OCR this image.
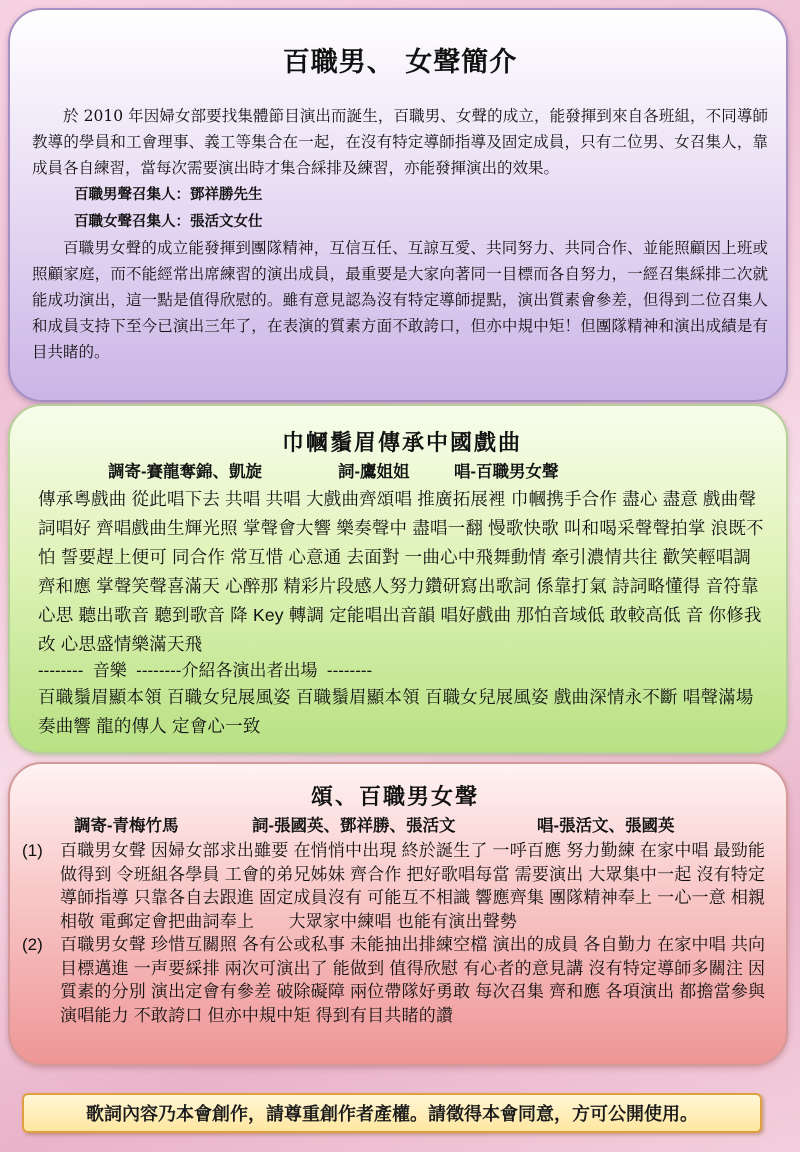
百職男、 女聲簡介

於 2010 年因婦女部要找集體節目演出而誕生，百職男、女聲的成立，能發揮到來自各班組，不同導師教導的學員和工會理事、義工等集合在一起，在沒有特定導師指導及固定成員，只有二位男、女召集人，靠成員各自練習，當每次需要演出時才集合綵排及練習，亦能發揮演出的效果。

百職男聲召集人：鄧祥勝先生

百職女聲召集人：張活文女仕

百職男女聲的成立能發揮到團隊精神，互信互任、互諒互愛、共同努力、共同合作、並能照顧因上班或照顧家庭，而不能經常出席練習的演出成員，最重要是大家向著同一目標而各自努力，一經召集綵排二次就能成功演出，這一點是值得欣慰的。雖有意見認為沒有特定導師提點，演出質素會參差，但得到二位召集人和成員支持下至今已演出三年了，在表演的質素方面不敢誇口，但亦中規中矩！但團隊精神和演出成績是有目共睹的。

巾幗鬚眉傳承中國戲曲

調寄-賽龍奪錦、凱旋	詞-鷹姐姐	唱-百職男女聲

傳承粵戲曲 從此唱下去 共唱 共唱 大戲曲齊頌唱 推廣拓展裡 巾幗携手合作 盡心 盡意 戲曲聲詞唱好 齊唱戲曲生輝光照 掌聲會大響 樂奏聲中 盡唱一翻 慢歌快歌 叫和喝采聲聲拍掌 浪既不怕 誓要趕上便可 同合作 常互惜 心意通 去面對 一曲心中飛舞動情 牽引濃情共往 歡笑輕唱調齊和應 掌聲笑聲喜滿天 心醉那 精彩片段感人努力鑽研寫出歌詞 係靠打氣 詩詞略懂得 音符靠心思 聽出歌音 聽到歌音 降 Key 轉調 定能唱出音韻 唱好戲曲 那怕音域低 敢較高低 音 你修我改 心思盛情樂滿天飛

--------  音樂  --------介紹各演出者出場  --------

百職鬚眉顯本領 百職女兒展風姿 百職鬚眉顯本領 百職女兒展風姿 戲曲深情永不斷 唱聲滿場奏曲響 龍的傳人 定會心一致

頌、百職男女聲

調寄-青梅竹馬	詞-張國英、鄧祥勝、張活文	唱-張活文、張國英

(1)	百職男女聲 因婦女部求出雖要 在悄悄中出現 終於誕生了 一呼百應 努力勤練 在家中唱 最勁能做得到 令班組各學員 工會的弟兄姊妹 齊合作 把好歌唱每當 需要演出 大眾集中一起 沒有特定導師指導 只靠各自去跟進 固定成員沒有 可能互不相識 響應齊集 團隊精神奉上 一心一意 相親相敬 電郵定會把曲詞奉上　　大眾家中練唱 也能有演出聲勢
(2)	百職男女聲 珍惜互關照 各有公或私事 未能抽出排練空檔 演出的成員 各自勤力 在家中唱 共向目標邁進 一声要綵排 兩次可演出了 能做到 值得欣慰 有心者的意見講 沒有特定導師多關注 因質素的分別 演出定會有參差 破除礙障 兩位帶隊好勇敢 每次召集 齊和應 各項演出 都擔當參與 演唱能力 不敢誇口 但亦中規中矩 得到有目共睹的讚
歌詞內容乃本會創作，請尊重創作者產權。請徵得本會同意，方可公開使用。
